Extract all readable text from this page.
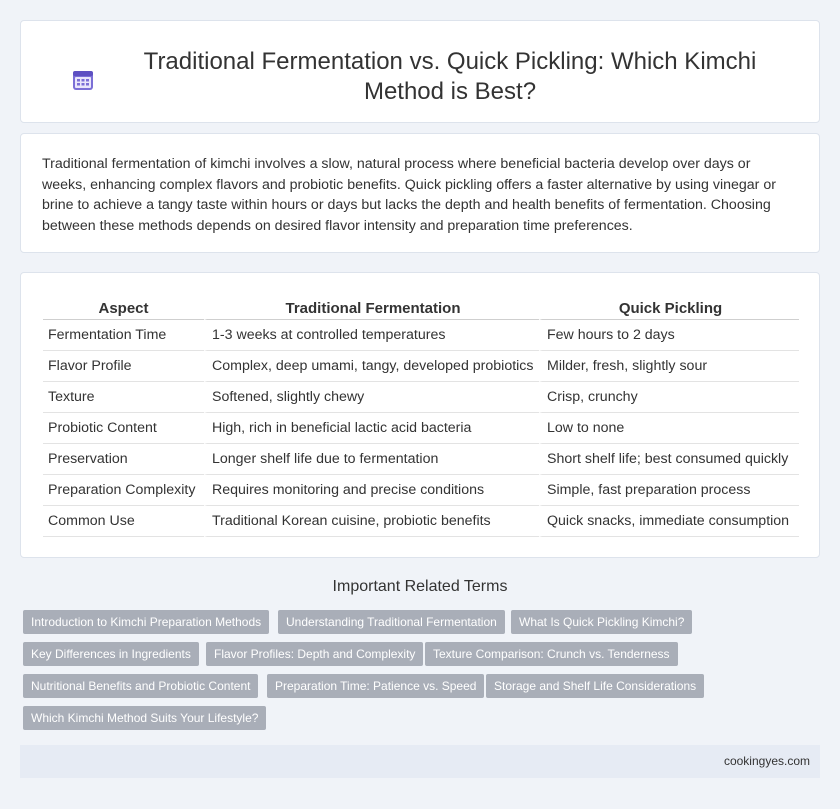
Traditional Fermentation vs. Quick Pickling: Which Kimchi Method is Best?

Traditional fermentation of kimchi involves a slow, natural process where beneficial bacteria develop over days or weeks, enhancing complex flavors and probiotic benefits. Quick pickling offers a faster alternative by using vinegar or brine to achieve a tangy taste within hours or days but lacks the depth and health benefits of fermentation. Choosing between these methods depends on desired flavor intensity and preparation time preferences.

Aspect	Traditional Fermentation	Quick Pickling
Fermentation Time	1-3 weeks at controlled temperatures	Few hours to 2 days
Flavor Profile	Complex, deep umami, tangy, developed probiotics	Milder, fresh, slightly sour
Texture	Softened, slightly chewy	Crisp, crunchy
Probiotic Content	High, rich in beneficial lactic acid bacteria	Low to none
Preservation	Longer shelf life due to fermentation	Short shelf life; best consumed quickly
Preparation Complexity	Requires monitoring and precise conditions	Simple, fast preparation process
Common Use	Traditional Korean cuisine, probiotic benefits	Quick snacks, immediate consumption
Important Related Terms
Introduction to Kimchi Preparation Methods	Understanding Traditional Fermentation	What Is Quick Pickling Kimchi?
Key Differences in Ingredients	Flavor Profiles: Depth and Complexity	Texture Comparison: Crunch vs. Tenderness
Nutritional Benefits and Probiotic Content	Preparation Time: Patience vs. Speed	Storage and Shelf Life Considerations
Which Kimchi Method Suits Your Lifestyle?
cookingyes.com
